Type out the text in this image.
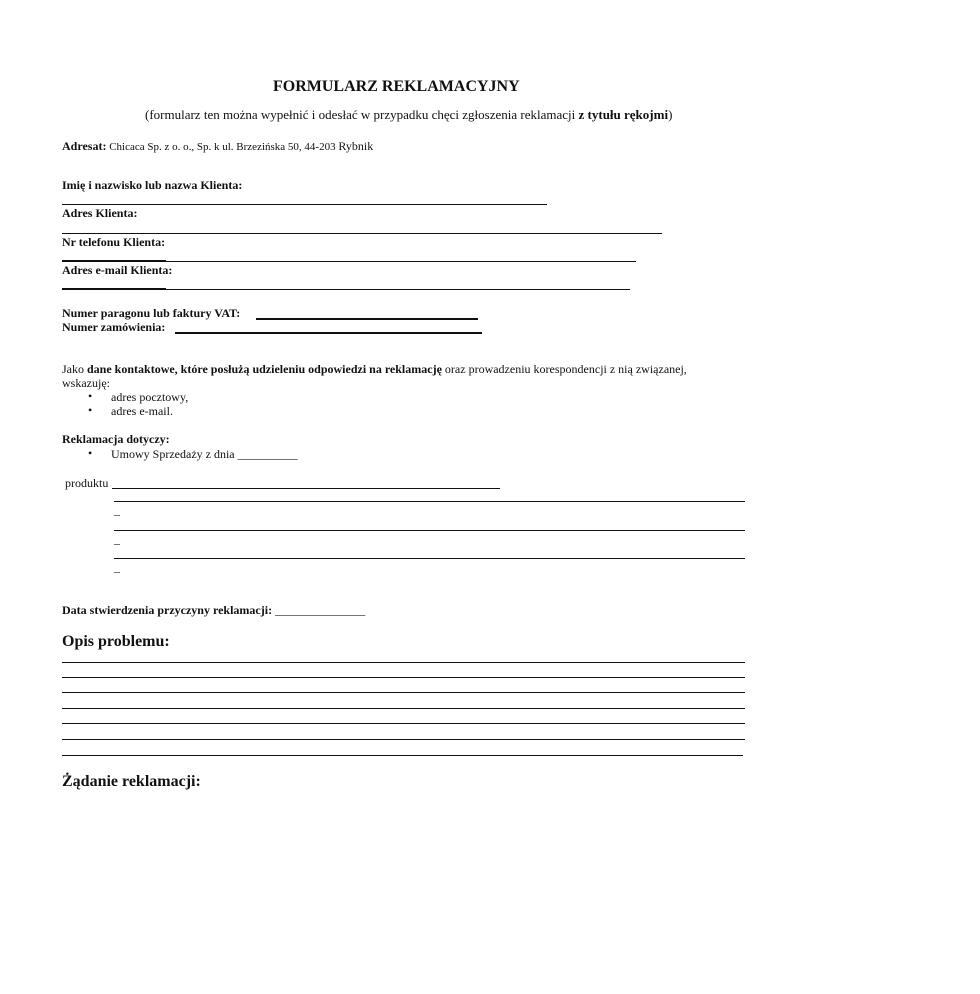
FORMULARZ REKLAMACYJNY
(formularz ten można wypełnić i odesłać w przypadku chęci zgłoszenia reklamacji z tytułu rękojmi)
Adresat: Chicaca Sp. z o. o., Sp. k ul. Brzezińska 50, 44-203 Rybnik
Imię i nazwisko lub nazwa Klienta:
Adres Klienta:
Nr telefonu Klienta:
Adres e-mail Klienta:
Numer paragonu lub faktury VAT:
Numer zamówienia:
Jako dane kontaktowe, które posłużą udzieleniu odpowiedzi na reklamację oraz prowadzeniu korespondencji z nią związanej,
wskazuję:
• adres pocztowy,
• adres e-mail.
Reklamacja dotyczy:
• Umowy Sprzedaży z dnia __________
produktu
–
–
–
Data stwierdzenia przyczyny reklamacji: _______________
Opis problemu:
Żądanie reklamacji:
